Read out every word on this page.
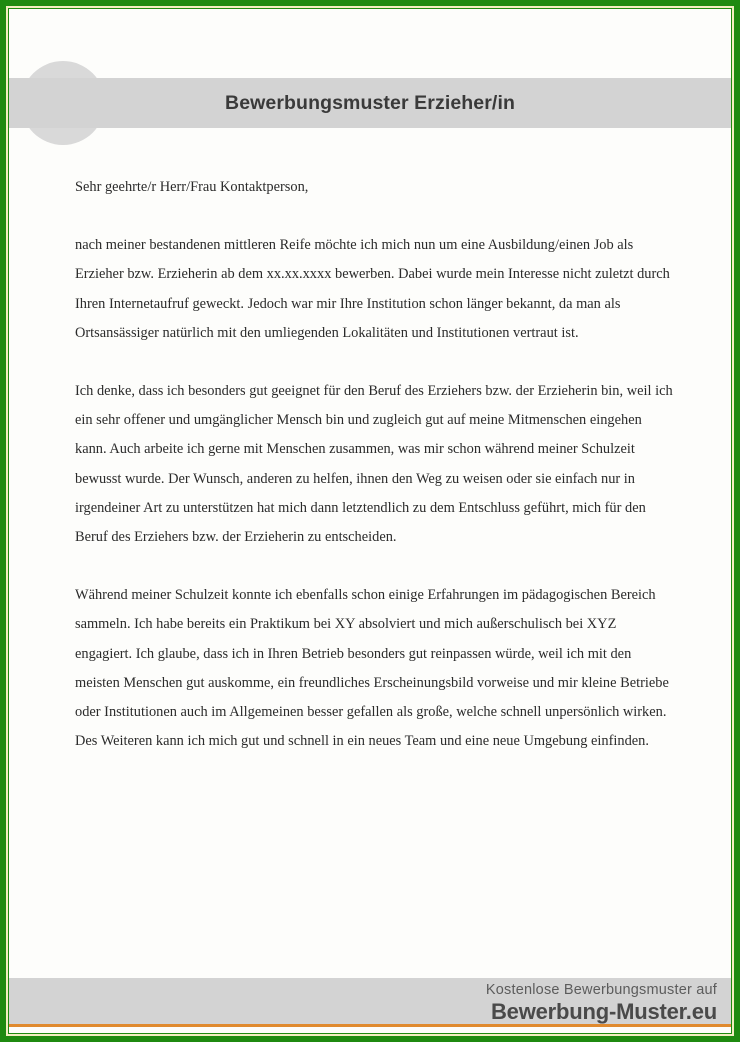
Bewerbungsmuster Erzieher/in

Sehr geehrte/r Herr/Frau Kontaktperson,

nach meiner bestandenen mittleren Reife möchte ich mich nun um eine Ausbildung/einen Job als Erzieher bzw. Erzieherin ab dem xx.xx.xxxx bewerben. Dabei wurde mein Interesse nicht zuletzt durch Ihren Internetaufruf geweckt. Jedoch war mir Ihre Institution schon länger bekannt, da man als Ortsansässiger natürlich mit den umliegenden Lokalitäten und Institutionen vertraut ist.

Ich denke, dass ich besonders gut geeignet für den Beruf des Erziehers bzw. der Erzieherin bin, weil ich ein sehr offener und umgänglicher Mensch bin und zugleich gut auf meine Mitmenschen eingehen kann. Auch arbeite ich gerne mit Menschen zusammen, was mir schon während meiner Schulzeit bewusst wurde. Der Wunsch, anderen zu helfen, ihnen den Weg zu weisen oder sie einfach nur in irgendeiner Art zu unterstützen hat mich dann letztendlich zu dem Entschluss geführt, mich für den Beruf des Erziehers bzw. der Erzieherin zu entscheiden.

Während meiner Schulzeit konnte ich ebenfalls schon einige Erfahrungen im pädagogischen Bereich sammeln. Ich habe bereits ein Praktikum bei XY absolviert und mich außerschulisch bei XYZ engagiert. Ich glaube, dass ich in Ihren Betrieb besonders gut reinpassen würde, weil ich mit den meisten Menschen gut auskomme, ein freundliches Erscheinungsbild vorweise und mir kleine Betriebe oder Institutionen auch im Allgemeinen besser gefallen als große, welche schnell unpersönlich wirken. Des Weiteren kann ich mich gut und schnell in ein neues Team und eine neue Umgebung einfinden.

Kostenlose Bewerbungsmuster auf
Bewerbung-Muster.eu
